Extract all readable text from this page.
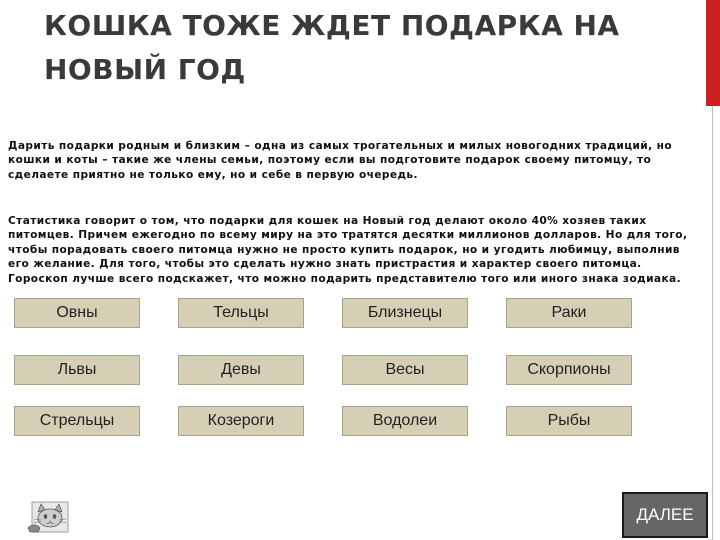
КОШКА ТОЖЕ ЖДЕТ ПОДАРКА НА
НОВЫЙ ГОД

Дарить подарки родным и близким – одна из самых трогательных и милых новогодних традиций, но кошки и коты – такие же члены семьи, поэтому если вы подготовите подарок своему питомцу, то сделаете приятно не только ему, но и себе в первую очередь.

Статистика говорит о том, что подарки для кошек на Новый год делают около 40% хозяев таких питомцев. Причем ежегодно по всему миру на это тратятся десятки миллионов долларов. Но для того, чтобы порадовать своего питомца нужно не просто купить подарок, но и угодить любимцу, выполнив его желание. Для того, чтобы это сделать нужно знать пристрастия и характер своего питомца. Гороскоп лучше всего подскажет, что можно подарить представителю того или иного знака зодиака.

Овны	Тельцы	Близнецы	Раки
Львы	Девы	Весы	Скорпионы
Стрельцы	Козероги	Водолеи	Рыбы
ДАЛЕЕ
